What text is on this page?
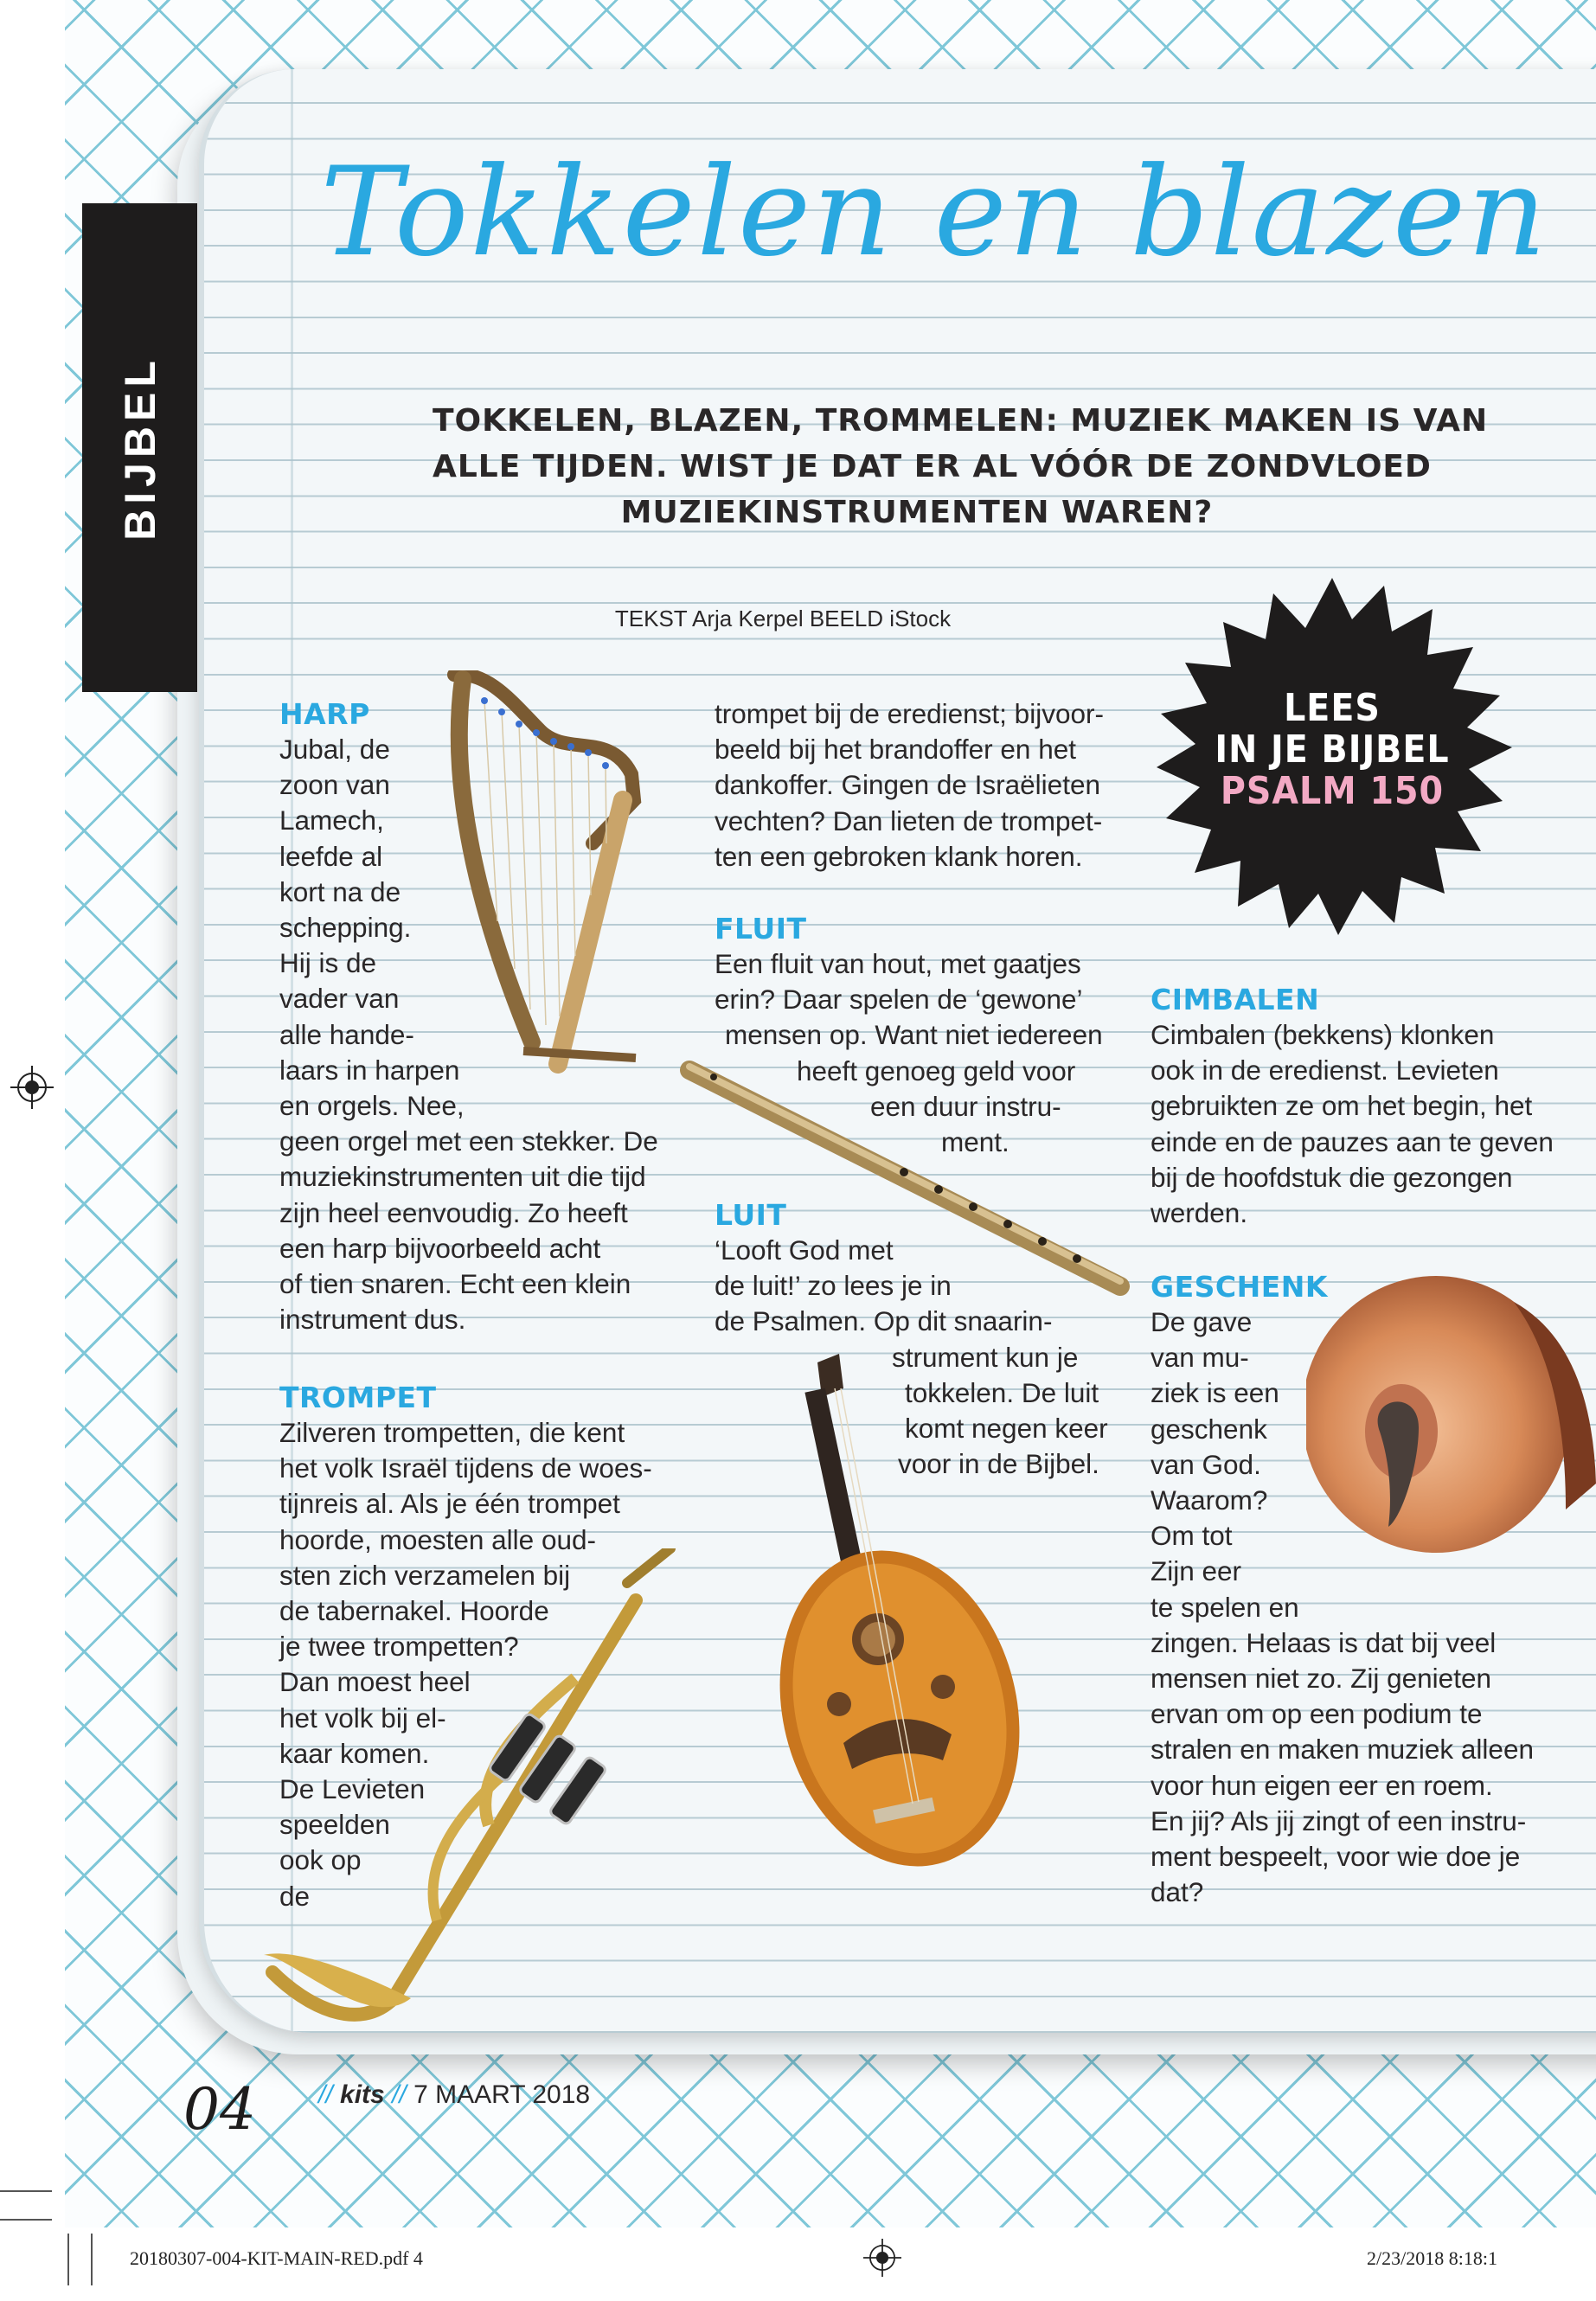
BIJBEL
Tokkelen en blazen
TOKKELEN, BLAZEN, TROMMELEN: MUZIEK MAKEN IS VAN
ALLE TIJDEN. WIST JE DAT ER AL VÓÓR DE ZONDVLOED
MUZIEKINSTRUMENTEN WAREN?
TEKST Arja Kerpel BEELD iStock
LEES
IN JE BIJBEL
PSALM 150
HARP
Jubal, de
zoon van
Lamech,
leefde al
kort na de
schepping.
Hij is de
vader van
alle hande-
laars in harpen
en orgels. Nee,
geen orgel met een stekker. De
muziekinstrumenten uit die tijd
zijn heel eenvoudig. Zo heeft
een harp bijvoorbeeld acht
of tien snaren. Echt een klein
instrument dus.
TROMPET
Zilveren trompetten, die kent
het volk Israël tijdens de woes-
tijnreis al. Als je één trompet
hoorde, moesten alle oud-
sten zich verzamelen bij
de tabernakel. Hoorde
je twee trompetten?
Dan moest heel
het volk bij el-
kaar komen.
De Levieten
speelden
ook op
de
trompet bij de eredienst; bijvoor-
beeld bij het brandoffer en het
dankoffer. Gingen de Israëlieten
vechten? Dan lieten de trompet-
ten een gebroken klank horen.
FLUIT
Een fluit van hout, met gaatjes
erin? Daar spelen de ‘gewone’
mensen op. Want niet iedereen
heeft genoeg geld voor
een duur instru-
ment.
LUIT
‘Looft God met
de luit!’ zo lees je in
de Psalmen. Op dit snaarin-
strument kun je
tokkelen. De luit
komt negen keer
voor in de Bijbel.
CIMBALEN
Cimbalen (bekkens) klonken
ook in de eredienst. Levieten
gebruikten ze om het begin, het
einde en de pauzes aan te geven
bij de hoofdstuk die gezongen
werden.
GESCHENK
De gave
van mu-
ziek is een
geschenk
van God.
Waarom?
Om tot
Zijn eer
te spelen en
zingen. Helaas is dat bij veel
mensen niet zo. Zij genieten
ervan om op een podium te
stralen en maken muziek alleen
voor hun eigen eer en roem.
En jij? Als jij zingt of een instru-
ment bespeelt, voor wie doe je
dat?
04 // kits // 7 MAART 2018
20180307-004-KIT-MAIN-RED.pdf 4	2/23/2018 8:18:1
